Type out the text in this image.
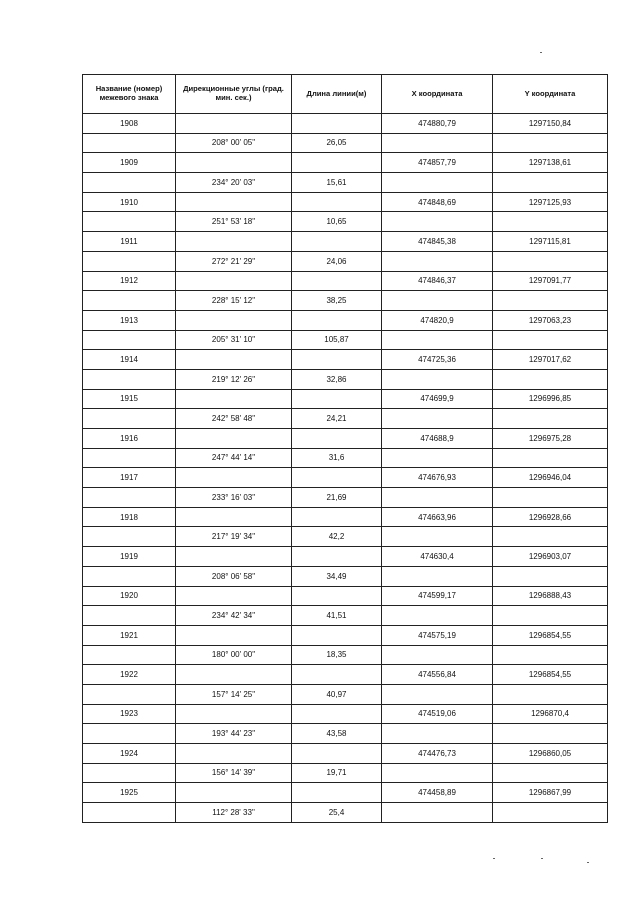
Название (номер) межевого знака	Дирекционные углы (град. мин. сек.)	Длина линии(м)	X координата	Y координата
1908			474880,79	1297150,84
	208° 00' 05"	26,05		
1909			474857,79	1297138,61
	234° 20' 03"	15,61		
1910			474848,69	1297125,93
	251° 53' 18"	10,65		
1911			474845,38	1297115,81
	272° 21' 29"	24,06		
1912			474846,37	1297091,77
	228° 15' 12"	38,25		
1913			474820,9	1297063,23
	205° 31' 10"	105,87		
1914			474725,36	1297017,62
	219° 12' 26"	32,86		
1915			474699,9	1296996,85
	242° 58' 48"	24,21		
1916			474688,9	1296975,28
	247° 44' 14"	31,6		
1917			474676,93	1296946,04
	233° 16' 03"	21,69		
1918			474663,96	1296928,66
	217° 19' 34"	42,2		
1919			474630,4	1296903,07
	208° 06' 58"	34,49		
1920			474599,17	1296888,43
	234° 42' 34"	41,51		
1921			474575,19	1296854,55
	180° 00' 00"	18,35		
1922			474556,84	1296854,55
	157° 14' 25"	40,97		
1923			474519,06	1296870,4
	193° 44' 23"	43,58		
1924			474476,73	1296860,05
	156° 14' 39"	19,71		
1925			474458,89	1296867,99
	112° 28' 33"	25,4		
